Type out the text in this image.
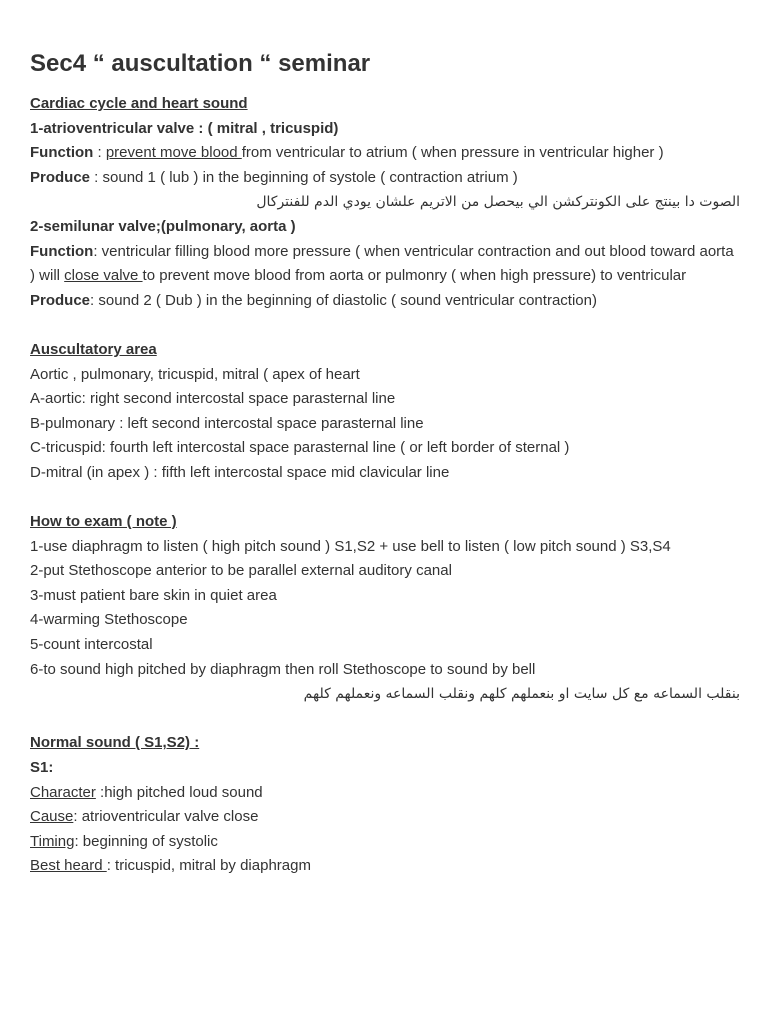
Sec4 “ auscultation “ seminar

Cardiac cycle and heart sound

1-atrioventricular valve : ( mitral , tricuspid)

Function : prevent move blood from ventricular to atrium ( when pressure in ventricular higher )

Produce : sound 1 ( lub ) in the beginning of systole ( contraction atrium )

الصوت دا بينتج على الكونتركشن الي بيحصل من الاتريم علشان يودي الدم للفنتركال

2-semilunar valve;(pulmonary, aorta )

Function: ventricular filling blood more pressure ( when ventricular contraction and out blood toward aorta ) will close valve to prevent move blood from aorta or pulmonry ( when high pressure) to ventricular

Produce: sound 2 ( Dub ) in the beginning of diastolic ( sound ventricular contraction)

Auscultatory area

Aortic , pulmonary, tricuspid, mitral ( apex of heart

A-aortic: right second intercostal space parasternal line

B-pulmonary : left second intercostal space parasternal line

C-tricuspid: fourth left intercostal space parasternal line ( or left border of sternal )

D-mitral (in apex ) : fifth left intercostal space mid clavicular line

How to exam ( note )

1-use diaphragm to listen ( high pitch sound ) S1,S2 + use bell to listen ( low pitch sound ) S3,S4

2-put Stethoscope anterior to be parallel external auditory canal

3-must patient bare skin in quiet area

4-warming Stethoscope

5-count intercostal

6-to sound high pitched by diaphragm then roll Stethoscope to sound by bell

بنقلب السماعه مع كل سايت او بنعملهم كلهم ونقلب السماعه ونعملهم كلهم

Normal sound ( S1,S2) :

S1:

Character :high pitched loud sound

Cause: atrioventricular valve close

Timing: beginning of systolic

Best heard : tricuspid, mitral by diaphragm
